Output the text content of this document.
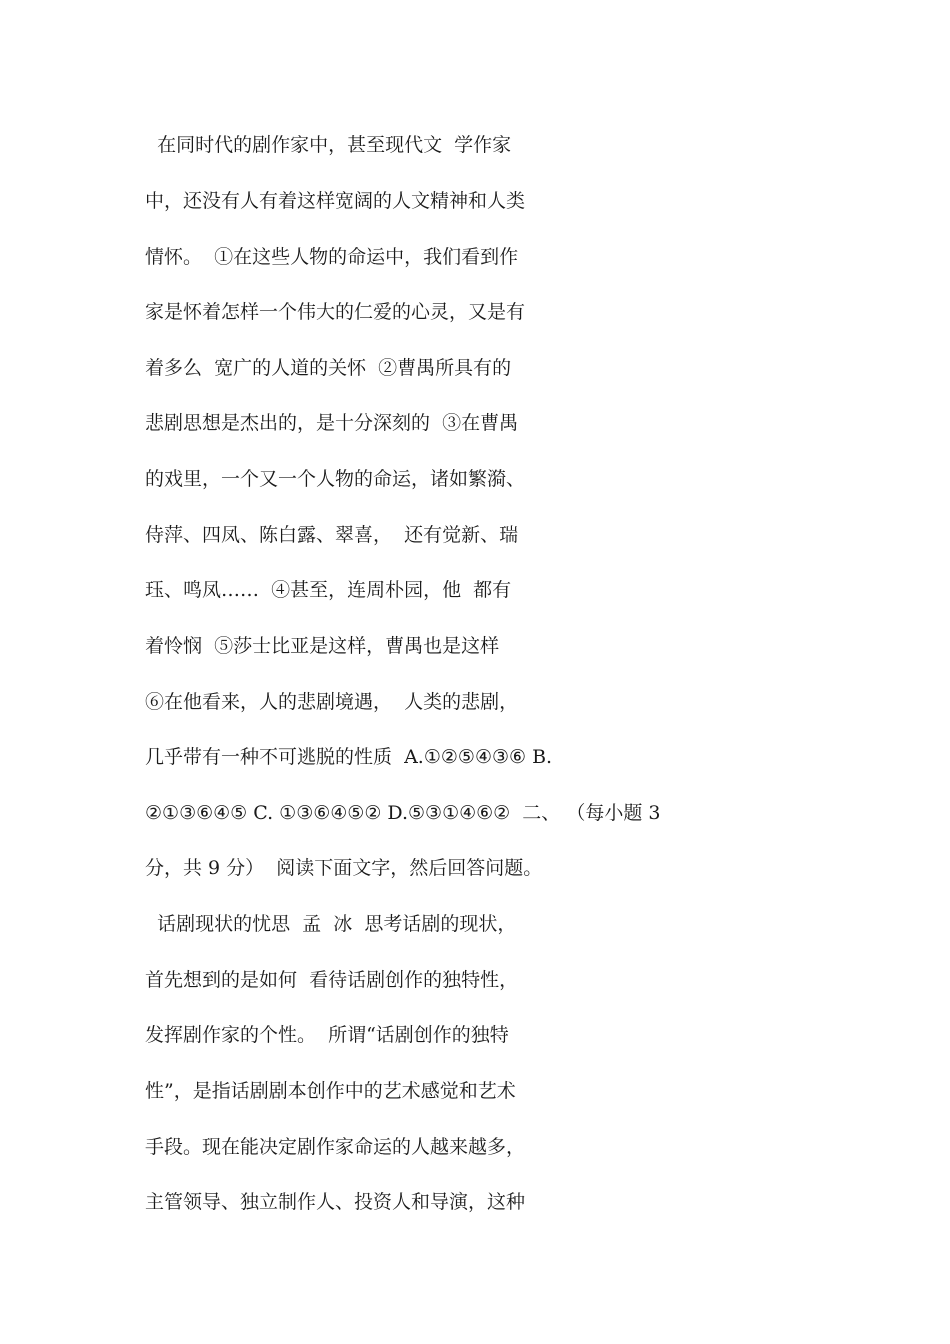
在同时代的剧作家中，甚至现代文  学作家
中，还没有人有着这样宽阔的人文精神和人类
情怀。  ①在这些人物的命运中，我们看到作
家是怀着怎样一个伟大的仁爱的心灵，又是有
着多么  宽广的人道的关怀  ②曹禺所具有的
悲剧思想是杰出的，是十分深刻的  ③在曹禺
的戏里，一个又一个人物的命运，诸如繁漪、
侍萍、四凤、陈白露、翠喜，  还有觉新、瑞
珏、鸣凤……  ④甚至，连周朴园，他  都有
着怜悯  ⑤莎士比亚是这样，曹禺也是这样
⑥在他看来，人的悲剧境遇，  人类的悲剧，
几乎带有一种不可逃脱的性质  A.①②⑤④③⑥ B.
②①③⑥④⑤ C. ①③⑥④⑤② D.⑤③①④⑥②  二、 （每小题 3
分，共 9 分）  阅读下面文字，然后回答问题。
话剧现状的忧思  孟  冰  思考话剧的现状，
首先想到的是如何  看待话剧创作的独特性，
发挥剧作家的个性。  所谓“话剧创作的独特
性”，是指话剧剧本创作中的艺术感觉和艺术
手段。现在能决定剧作家命运的人越来越多，
主管领导、独立制作人、投资人和导演，这种
